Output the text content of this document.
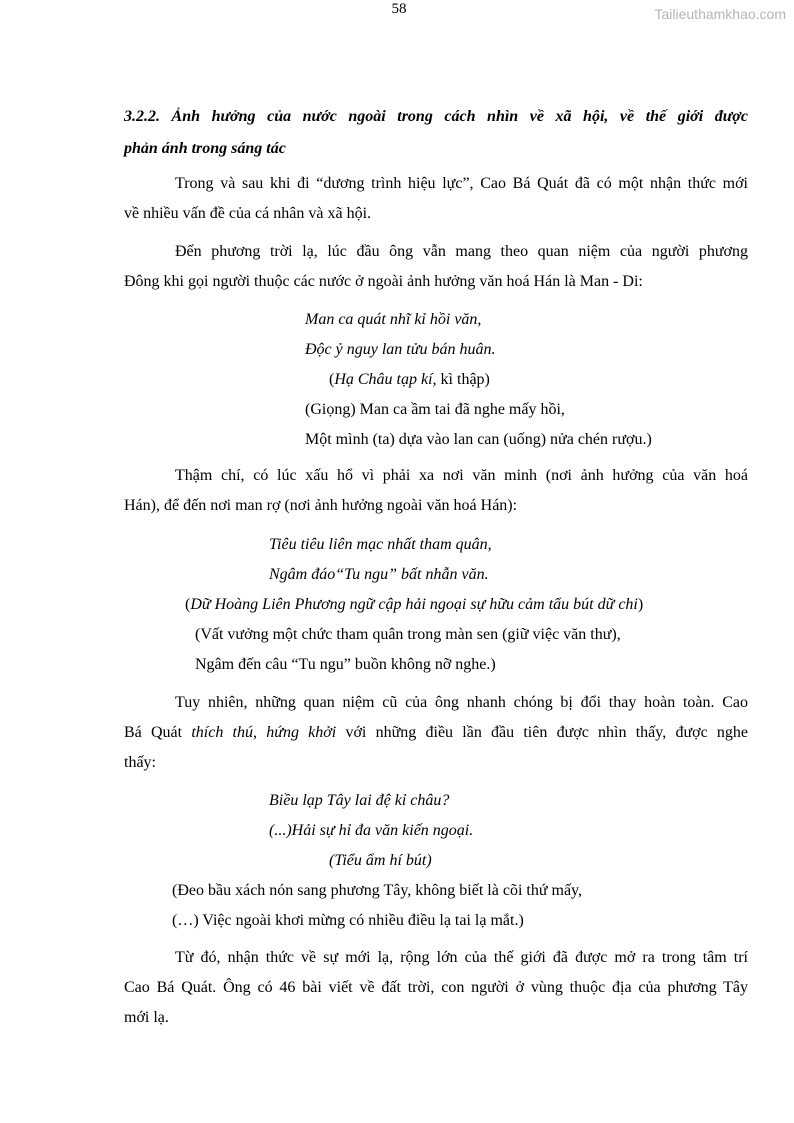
58	Tailieuthamkhao.com
3.2.2. Ảnh hưởng của nước ngoài trong cách nhìn về xã hội, về thế giới được
phản ánh trong sáng tác
Trong và sau khi đi “dương trình hiệu lực”, Cao Bá Quát đã có một nhận thức mới
về nhiều vấn đề của cá nhân và xã hội.
Đến phương trời lạ, lúc đầu ông vẫn mang theo quan niệm của người phương
Đông khi gọi người thuộc các nước ở ngoài ảnh hưởng văn hoá Hán là Man - Di:
Man ca quát nhĩ kỉ hồi văn,
Độc ỷ nguy lan tửu bán huân.
(Hạ Châu tạp kí, kì thập)
(Giọng) Man ca ầm tai đã nghe mấy hồi,
Một mình (ta) dựa vào lan can (uống) nửa chén rượu.)
Thậm chí, có lúc xấu hổ vì phải xa nơi văn minh (nơi ảnh hưởng của văn hoá
Hán), để đến nơi man rợ (nơi ảnh hưởng ngoài văn hoá Hán):
Tiêu tiêu liên mạc nhất tham quân,
Ngâm đáo“Tu ngu” bất nhẫn văn.
(Dữ Hoàng Liên Phương ngữ cập hải ngoại sự hữu cảm tẩu bút dữ chi)
(Vất vưởng một chức tham quân trong màn sen (giữ việc văn thư),
Ngâm đến câu “Tu ngu” buồn không nỡ nghe.)
Tuy nhiên, những quan niệm cũ của ông nhanh chóng bị đổi thay hoàn toàn. Cao
Bá Quát thích thú, hứng khởi với những điều lần đầu tiên được nhìn thấy, được nghe
thấy:
Biều lạp Tây lai đệ kỉ châu?
(...)Hải sự hỉ đa văn kiến ngoại.
(Tiểu ẩm hí bút)
(Đeo bầu xách nón sang phương Tây, không biết là cõi thứ mấy,
(…) Việc ngoài khơi mừng có nhiều điều lạ tai lạ mắt.)
Từ đó, nhận thức về sự mới lạ, rộng lớn của thế giới đã được mở ra trong tâm trí
Cao Bá Quát. Ông có 46 bài viết về đất trời, con người ở vùng thuộc địa của phương Tây
mới lạ.
